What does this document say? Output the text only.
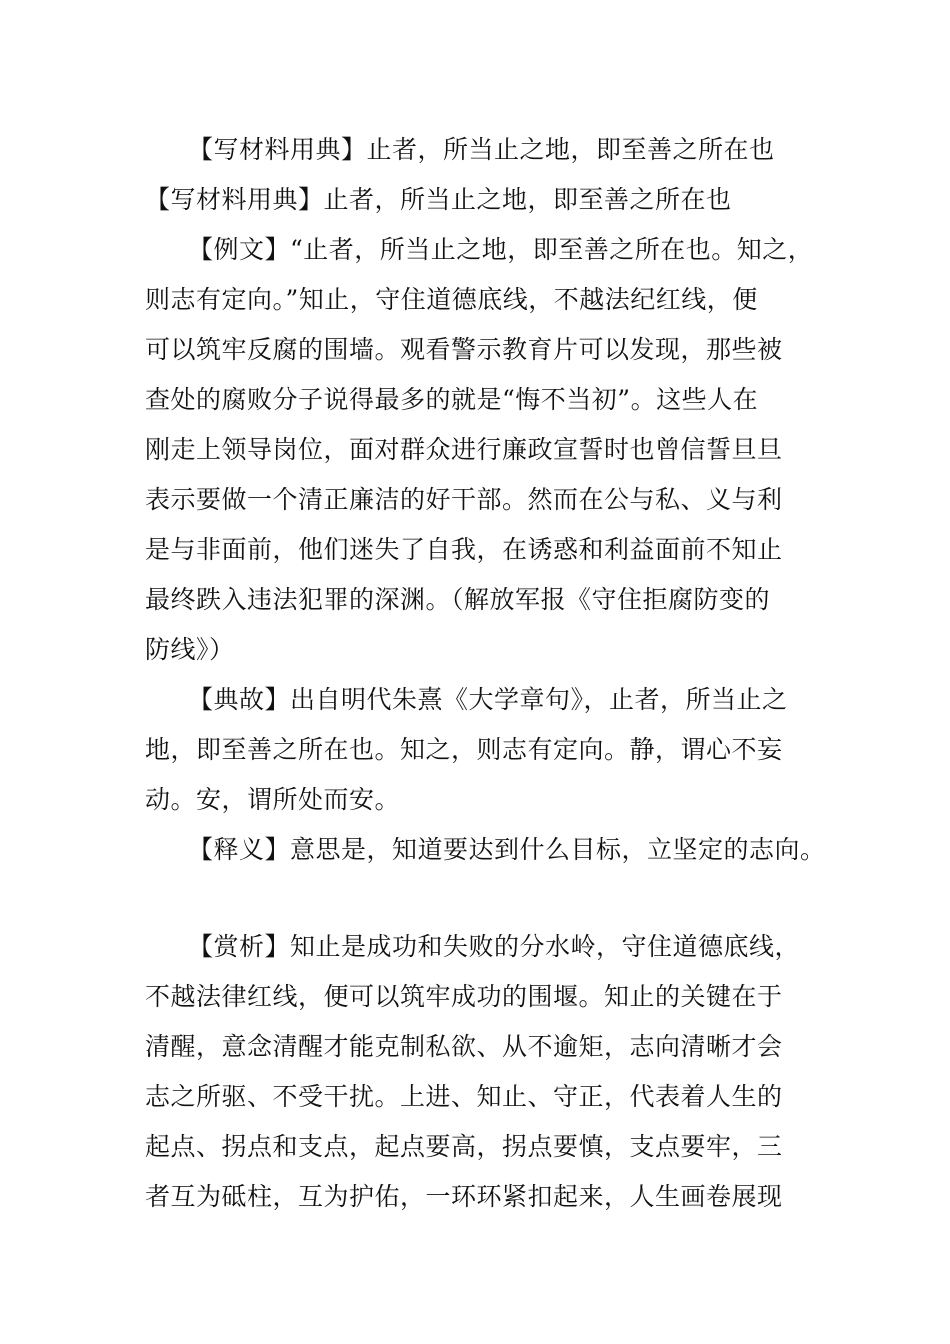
【写材料用典】止者，所当止之地，即至善之所在也
【写材料用典】止者，所当止之地，即至善之所在也
【例文】“止者，所当止之地，即至善之所在也。知之，
则志有定向。”知止，守住道德底线，不越法纪红线，便
可以筑牢反腐的围墙。观看警示教育片可以发现，那些被
查处的腐败分子说得最多的就是“悔不当初”。这些人在
刚走上领导岗位，面对群众进行廉政宣誓时也曾信誓旦旦
表示要做一个清正廉洁的好干部。然而在公与私、义与利
是与非面前，他们迷失了自我，在诱惑和利益面前不知止
最终跌入违法犯罪的深渊。（解放军报《守住拒腐防变的
防线》）
【典故】出自明代朱熹《大学章句》，止者，所当止之
地，即至善之所在也。知之，则志有定向。静，谓心不妄
动。安，谓所处而安。
【释义】意思是，知道要达到什么目标，立坚定的志向。
【赏析】知止是成功和失败的分水岭，守住道德底线，
不越法律红线，便可以筑牢成功的围堰。知止的关键在于
清醒，意念清醒才能克制私欲、从不逾矩，志向清晰才会
志之所驱、不受干扰。上进、知止、守正，代表着人生的
起点、拐点和支点，起点要高，拐点要慎，支点要牢，三
者互为砥柱，互为护佑，一环环紧扣起来，人生画卷展现
